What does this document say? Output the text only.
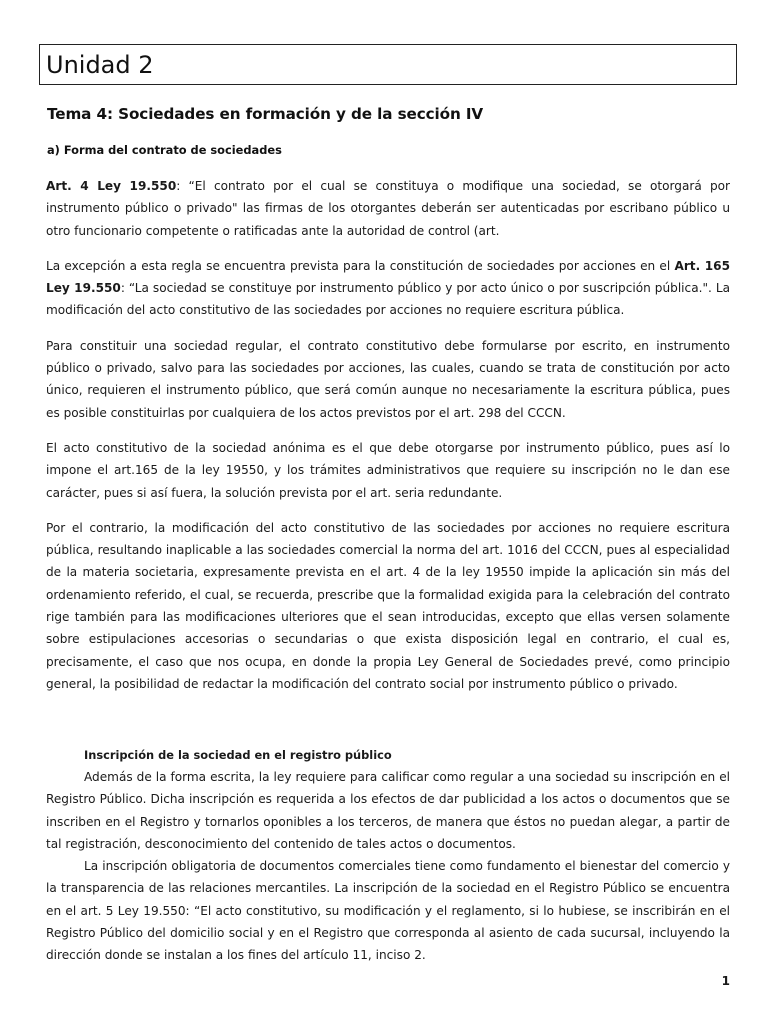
Unidad 2
Tema 4: Sociedades en formación y de la sección IV
a) Forma del contrato de sociedades

Art. 4 Ley 19.550: “El contrato por el cual se constituya o modifique una sociedad, se otorgará por instrumento público o privado" las firmas de los otorgantes deberán ser autenticadas por escribano público u otro funcionario competente o ratificadas ante la autoridad de control (art.

La excepción a esta regla se encuentra prevista para la constitución de sociedades por acciones en el Art. 165 Ley 19.550: “La sociedad se constituye por instrumento público y por acto único o por suscripción pública.". La modificación del acto constitutivo de las sociedades por acciones no requiere escritura pública.

Para constituir una sociedad regular, el contrato constitutivo debe formularse por escrito, en instrumento público o privado, salvo para las sociedades por acciones, las cuales, cuando se trata de constitución por acto único, requieren el instrumento público, que será común aunque no necesariamente la escritura pública, pues es posible constituirlas por cualquiera de los actos previstos por el art. 298 del CCCN.

El acto constitutivo de la sociedad anónima es el que debe otorgarse por instrumento público, pues así lo impone el art.165 de la ley 19550, y los trámites administrativos que requiere su inscripción no le dan ese carácter, pues si así fuera, la solución prevista por el art. seria redundante.

Por el contrario, la modificación del acto constitutivo de las sociedades por acciones no requiere escritura pública, resultando inaplicable a las sociedades comercial la norma del art. 1016 del CCCN, pues al especialidad de la materia societaria, expresamente prevista en el art. 4 de la ley 19550 impide la aplicación sin más del ordenamiento referido, el cual, se recuerda, prescribe que la formalidad exigida para la celebración del contrato rige también para las modificaciones ulteriores que el sean introducidas, excepto que ellas versen solamente sobre estipulaciones accesorias o secundarias o que exista disposición legal en contrario, el cual es, precisamente, el caso que nos ocupa, en donde la propia Ley General de Sociedades prevé, como principio general, la posibilidad de redactar la modificación del contrato social por instrumento público o privado.

Inscripción de la sociedad en el registro público

Además de la forma escrita, la ley requiere para calificar como regular a una sociedad su inscripción en el Registro Público. Dicha inscripción es requerida a los efectos de dar publicidad a los actos o documentos que se inscriben en el Registro y tornarlos oponibles a los terceros, de manera que éstos no puedan alegar, a partir de tal registración, desconocimiento del contenido de tales actos o documentos.

La inscripción obligatoria de documentos comerciales tiene como fundamento el bienestar del comercio y la transparencia de las relaciones mercantiles. La inscripción de la sociedad en el Registro Público se encuentra en el art. 5 Ley 19.550: “El acto constitutivo, su modificación y el reglamento, si lo hubiese, se inscribirán en el Registro Público del domicilio social y en el Registro que corresponda al asiento de cada sucursal, incluyendo la dirección donde se instalan a los fines del artículo 11, inciso 2.

1
